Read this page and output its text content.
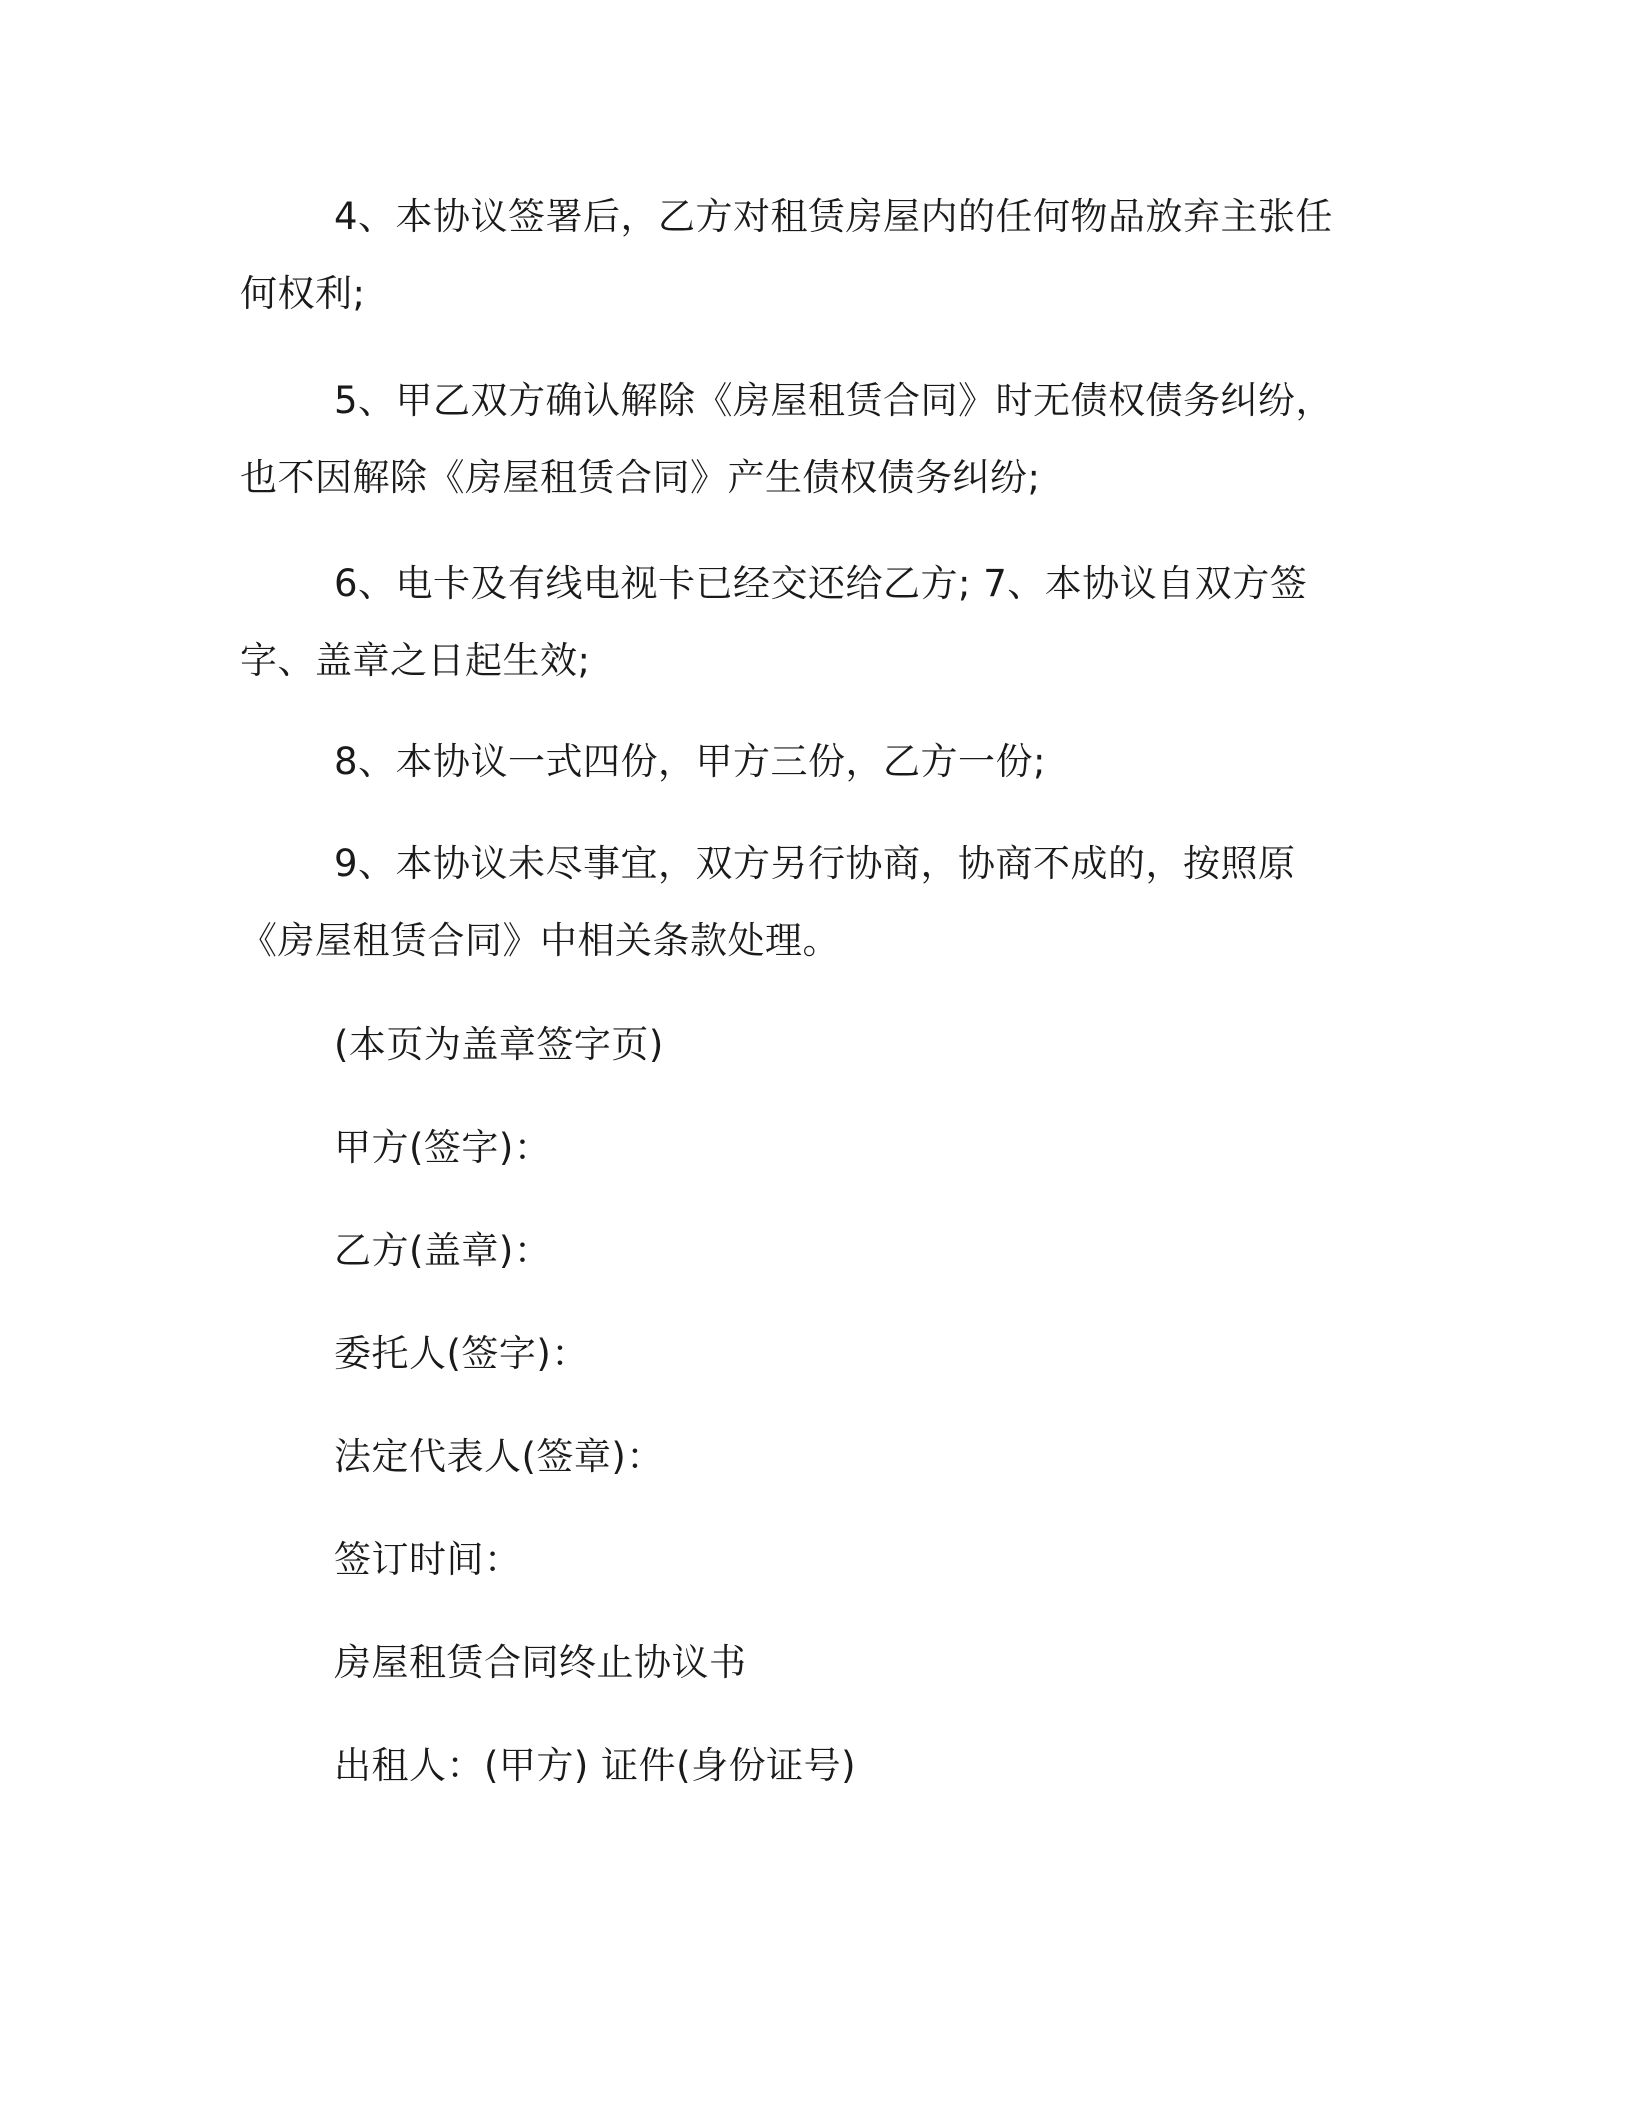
4、本协议签署后，乙方对租赁房屋内的任何物品放弃主张任何权利;

5、甲乙双方确认解除《房屋租赁合同》时无债权债务纠纷，也不因解除《房屋租赁合同》产生债权债务纠纷;

6、电卡及有线电视卡已经交还给乙方; 7、本协议自双方签字、盖章之日起生效;

8、本协议一式四份，甲方三份，乙方一份;

9、本协议未尽事宜，双方另行协商，协商不成的，按照原《房屋租赁合同》中相关条款处理。

(本页为盖章签字页)

甲方(签字)：

乙方(盖章)：

委托人(签字)：

法定代表人(签章)：

签订时间：

房屋租赁合同终止协议书

出租人：(甲方) 证件(身份证号)
